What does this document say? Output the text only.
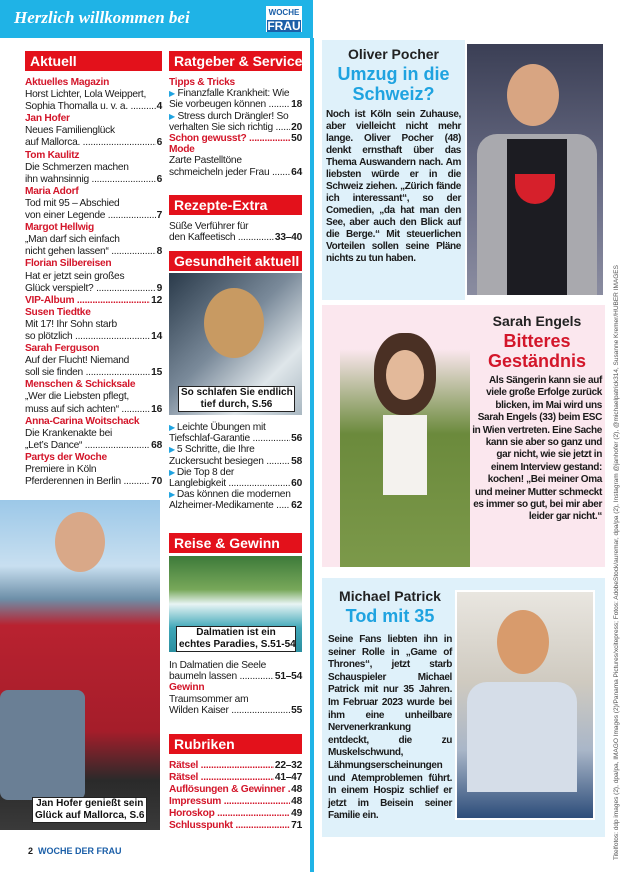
Herzlich willkommen bei	WOCHE
FRAU
Aktuell
Aktuelles Magazin
Horst Lichter, Lola Weippert,
Sophia Thomalla u. v. a. .....	4
Jan Hofer
Neues Familienglück
auf Mallorca. .....	6
Tom Kaulitz
Die Schmerzen machen
ihn wahnsinnig .....	6
Maria Adorf
Tod mit 95 – Abschied
von einer Legende .....	7
Margot Hellwig
„Man darf sich einfach
nicht gehen lassen“ .....	8
Florian Silbereisen
Hat er jetzt sein großes
Glück verspielt? .....	9
VIP-Album .....	12
Susen Tiedtke
Mit 17! Ihr Sohn starb
so plötzlich .....	14
Sarah Ferguson
Auf der Flucht! Niemand
soll sie finden .....	15
Menschen & Schicksale
„Wer die Liebsten pflegt,
muss auf sich achten“ .....	16
Anna-Carina Woitschack
Die Krankenakte bei
„Let’s Dance“ .....	68
Partys der Woche
Premiere in Köln
Pferderennen in Berlin .....	70
Jan Hofer genießt sein
Glück auf Mallorca, S.6
Ratgeber & Service
Tipps & Tricks
▶ Finanzfalle Krankheit: Wie
Sie vorbeugen können .....	18
▶ Stress durch Drängler! So
verhalten Sie sich richtig .....	20
Schon gewusst? .....	50
Mode
Zarte Pastelltöne
schmeicheln jeder Frau .....	64
Rezepte-Extra
Süße Verführer für
den Kaffeetisch .....	33–40
Gesundheit aktuell
So schlafen Sie endlich
tief durch, S.56
▶ Leichte Übungen mit
Tiefschlaf-Garantie .....	56
▶ 5 Schritte, die Ihre
Zuckersucht besiegen .....	58
▶ Die Top 8 der
Langlebigkeit .....	60
▶ Das können die modernen
Alzheimer-Medikamente .....	62
Reise & Gewinn
Dalmatien ist ein
echtes Paradies, S.51-54
In Dalmatien die Seele
baumeln lassen .....	51–54
Gewinn
Traumsommer am
Wilden Kaiser .....	55
Rubriken
Rätsel .....	22–32
Rätsel .....	41–47
Auflösungen & Gewinner ..... 48
Impressum .....	48
Horoskop .....	49
Schlusspunkt .....	71
Oliver Pocher
Umzug in die
Schweiz?

Noch ist Köln sein Zuhause, aber vielleicht nicht mehr lange. Oliver Pocher (48) denkt ernsthaft über das Thema Auswandern nach. Am liebsten würde er in die Schweiz ziehen. „Zürich fände ich interessant“, so der Comedien, „da hat man den See, aber auch den Blick auf die Berge.“ Mit steuerlichen Vorteilen sollen seine Pläne nichts zu tun haben.

Sarah Engels
Bitteres
Geständnis

Als Sängerin kann sie auf viele große Erfolge zurück blicken, im Mai wird uns Sarah Engels (33) beim ESC in Wien vertreten. Eine Sache kann sie aber so ganz und gar nicht, wie sie jetzt in einem Interview gestand: kochen! „Bei meiner Oma und meiner Mutter schmeckt es immer so gut, bei mir aber leider gar nicht.“

Michael Patrick
Tod mit 35

Seine Fans liebten ihn in seiner Rolle in „Game of Thrones“, jetzt starb Schauspieler Michael Patrick mit nur 35 Jahren. Im Februar 2023 wurde bei ihm eine unheilbare Nervenerkrankung entdeckt, die zu Muskelschwund, Lähmungserscheinungen und Atemproblemen führt. In einem Hospiz schlief er jetzt im Beisein seiner Familie ein.	Titelfotos: ddp images (2), dpa/pa, IMAGO Images (2)/Panama Pictures/xcitepress; Fotos: AdobeStock/auremar, dpa/pa (2), Instagram @janhofer (2), @michaelpatrick314, Susanne Kremer/HUBER IMAGES
2 WOCHE DER FRAU
